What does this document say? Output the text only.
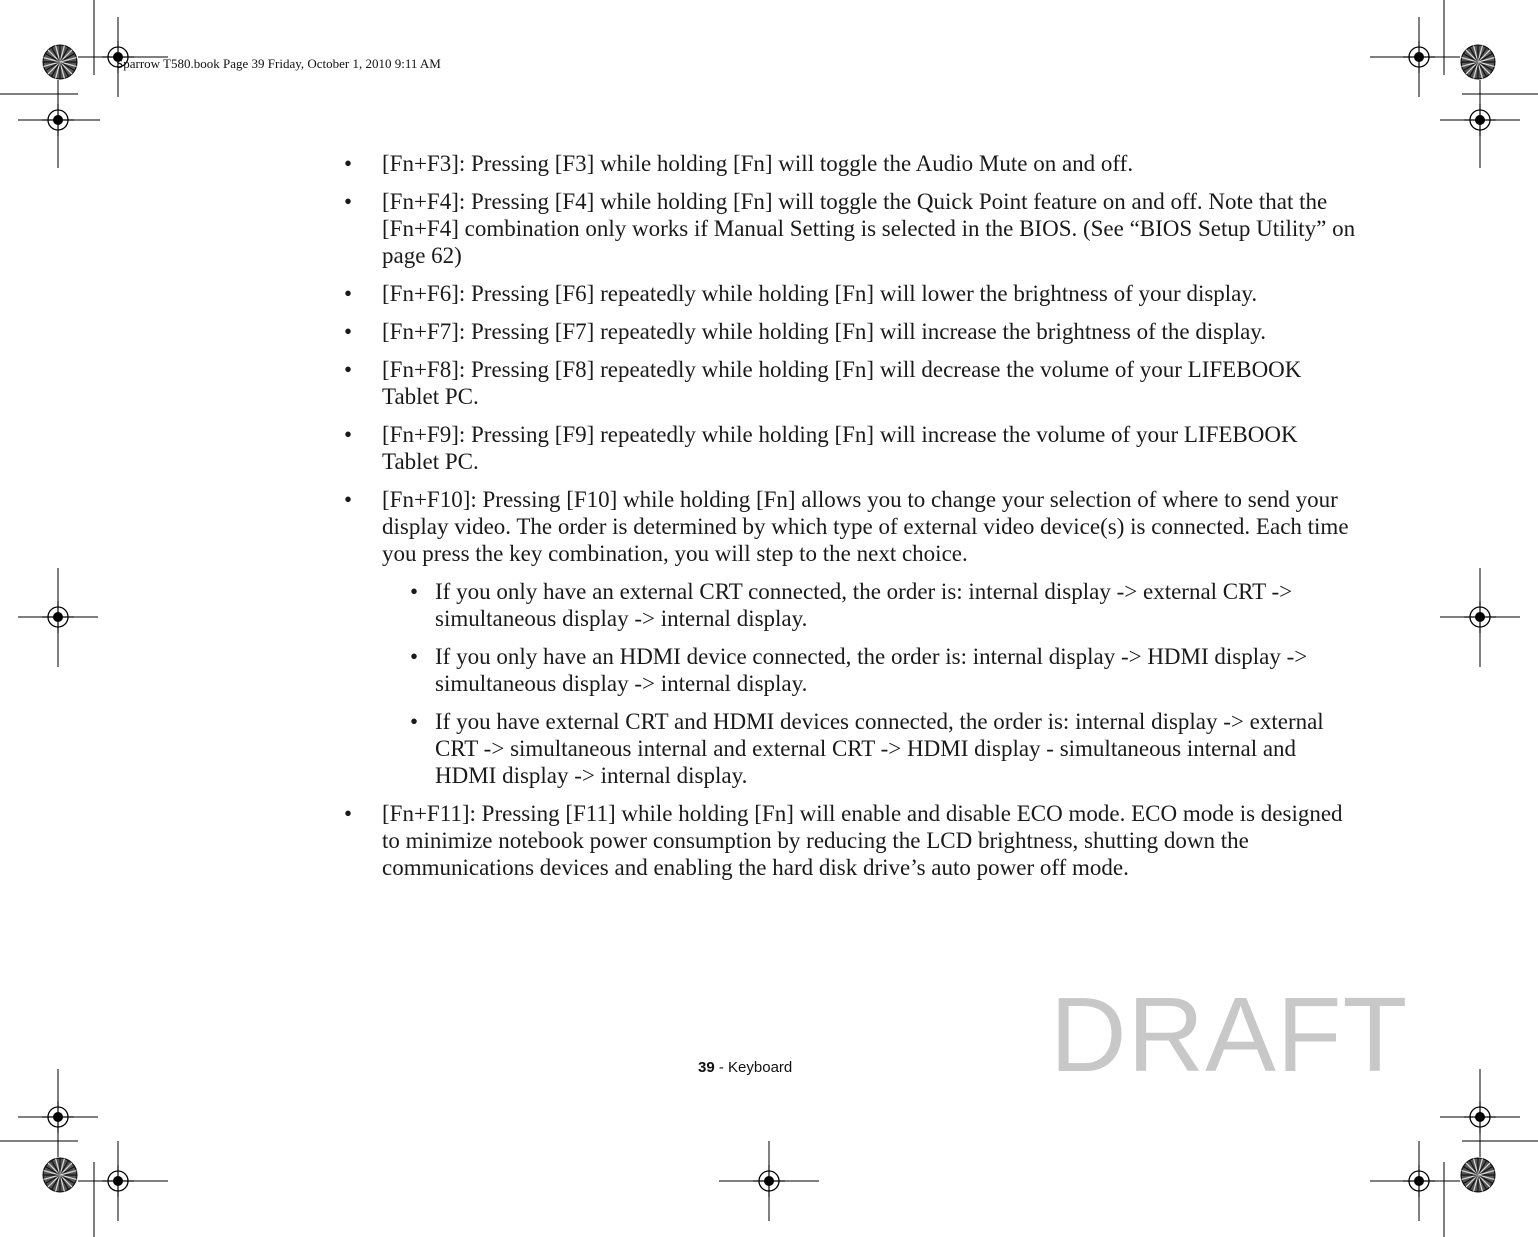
Sparrow T580.book Page 39 Friday, October 1, 2010 9:11 AM
• [Fn+F3]: Pressing [F3] while holding [Fn] will toggle the Audio Mute on and off.
• [Fn+F4]: Pressing [F4] while holding [Fn] will toggle the Quick Point feature on and off. Note that the [Fn+F4] combination only works if Manual Setting is selected in the BIOS. (See “BIOS Setup Utility” on page 62)
• [Fn+F6]: Pressing [F6] repeatedly while holding [Fn] will lower the brightness of your display.
• [Fn+F7]: Pressing [F7] repeatedly while holding [Fn] will increase the brightness of the display.
• [Fn+F8]: Pressing [F8] repeatedly while holding [Fn] will decrease the volume of your LIFEBOOK Tablet PC.
• [Fn+F9]: Pressing [F9] repeatedly while holding [Fn] will increase the volume of your LIFEBOOK Tablet PC.
• [Fn+F10]: Pressing [F10] while holding [Fn] allows you to change your selection of where to send your display video. The order is determined by which type of external video device(s) is connected. Each time you press the key combination, you will step to the next choice.
• If you only have an external CRT connected, the order is: internal display -> external CRT -> simultaneous display -> internal display.
• If you only have an HDMI device connected, the order is: internal display -> HDMI display -> simultaneous display -> internal display.
• If you have external CRT and HDMI devices connected, the order is: internal display -> external CRT -> simultaneous internal and external CRT -> HDMI display - simultaneous internal and HDMI display -> internal display.
• [Fn+F11]: Pressing [F11] while holding [Fn] will enable and disable ECO mode. ECO mode is designed to minimize notebook power consumption by reducing the LCD brightness, shutting down the communications devices and enabling the hard disk drive’s auto power off mode.
39 - Keyboard DRAFT
